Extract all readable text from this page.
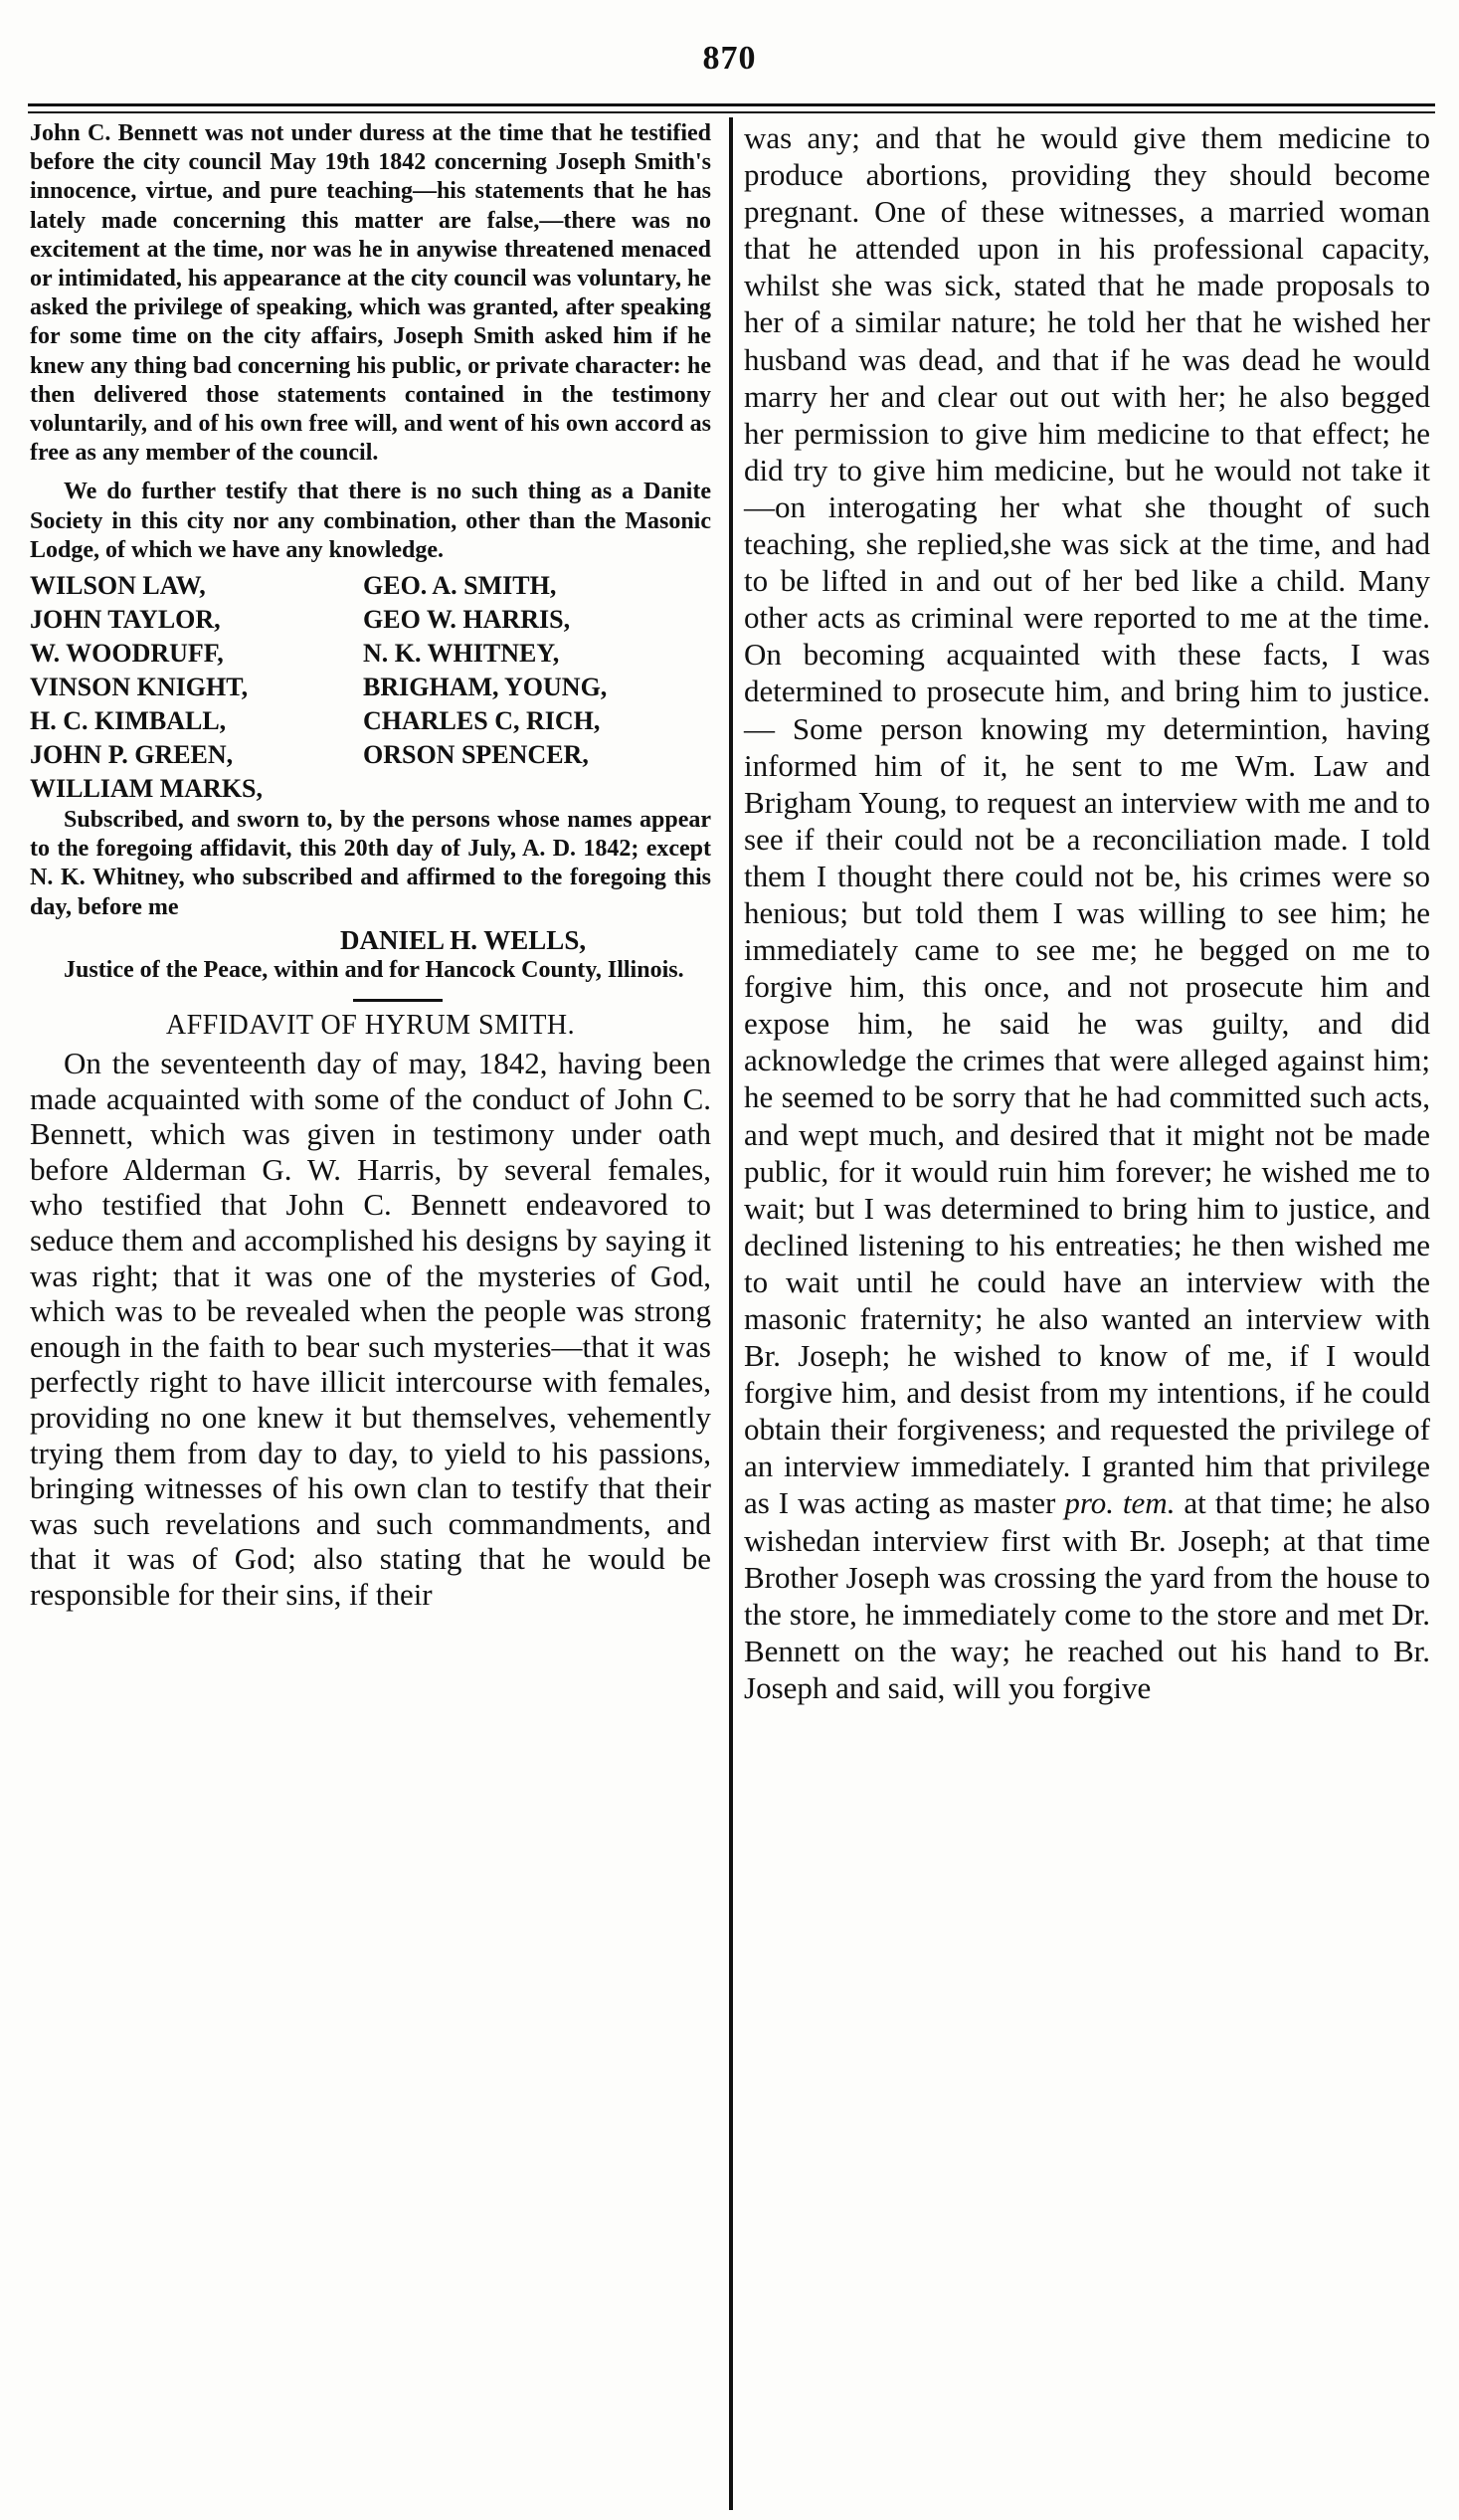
870

John C. Bennett was not under duress at the time that he testified before the city council May 19th 1842 concerning Joseph Smith's innocence, virtue, and pure teaching—his statements that he has lately made concerning this matter are false,—there was no excitement at the time, nor was he in anywise threatened menaced or intimidated, his appearance at the city council was voluntary, he asked the privilege of speaking, which was granted, after speaking for some time on the city affairs, Joseph Smith asked him if he knew any thing bad concerning his public, or private character: he then delivered those statements contained in the testimony voluntarily, and of his own free will, and went of his own accord as free as any member of the council.

We do further testify that there is no such thing as a Danite Society in this city nor any combination, other than the Masonic Lodge, of which we have any knowledge.

WILSON LAW,	GEO. A. SMITH,
JOHN TAYLOR,	GEO W. HARRIS,
W. WOODRUFF,	N. K. WHITNEY,
VINSON KNIGHT,	BRIGHAM, YOUNG,
H. C. KIMBALL,	CHARLES C, RICH,
JOHN P. GREEN,	ORSON SPENCER,
WILLIAM MARKS,

Subscribed, and sworn to, by the persons whose names appear to the foregoing affidavit, this 20th day of July, A. D. 1842; except N. K. Whitney, who subscribed and affirmed to the foregoing this day, before me

DANIEL H. WELLS,

Justice of the Peace, within and for Hancock County, Illinois.

AFFIDAVIT OF HYRUM SMITH.

On the seventeenth day of may, 1842, having been made acquainted with some of the conduct of John C. Bennett, which was given in testimony under oath before Alderman G. W. Harris, by several females, who testified that John C. Bennett endeavored to seduce them and accomplished his designs by saying it was right; that it was one of the mysteries of God, which was to be revealed when the people was strong enough in the faith to bear such mysteries—that it was perfectly right to have illicit intercourse with females, providing no one knew it but themselves, vehemently trying them from day to day, to yield to his passions, bringing witnesses of his own clan to testify that their was such revelations and such commandments, and that it was of God; also stating that he would be responsible for their sins, if their

was any; and that he would give them medicine to produce abortions, providing they should become pregnant. One of these witnesses, a married woman that he attended upon in his professional capacity, whilst she was sick, stated that he made proposals to her of a similar nature; he told her that he wished her husband was dead, and that if he was dead he would marry her and clear out out with her; he also begged her permission to give him medicine to that effect; he did try to give him medicine, but he would not take it—on interogating her what she thought of such teaching, she replied,she was sick at the time, and had to be lifted in and out of her bed like a child. Many other acts as criminal were reported to me at the time. On becoming acquainted with these facts, I was determined to prosecute him, and bring him to justice.— Some person knowing my determintion, having informed him of it, he sent to me Wm. Law and Brigham Young, to request an interview with me and to see if their could not be a reconciliation made. I told them I thought there could not be, his crimes were so henious; but told them I was willing to see him; he immediately came to see me; he begged on me to forgive him, this once, and not prosecute him and expose him, he said he was guilty, and did acknowledge the crimes that were alleged against him; he seemed to be sorry that he had committed such acts, and wept much, and desired that it might not be made public, for it would ruin him forever; he wished me to wait; but I was determined to bring him to justice, and declined listening to his entreaties; he then wished me to wait until he could have an interview with the masonic fraternity; he also wanted an interview with Br. Joseph; he wished to know of me, if I would forgive him, and desist from my intentions, if he could obtain their forgiveness; and requested the privilege of an interview immediately. I granted him that privilege as I was acting as master pro. tem. at that time; he also wishedan interview first with Br. Joseph; at that time Brother Joseph was crossing the yard from the house to the store, he immediately come to the store and met Dr. Bennett on the way; he reached out his hand to Br. Joseph and said, will you forgive
